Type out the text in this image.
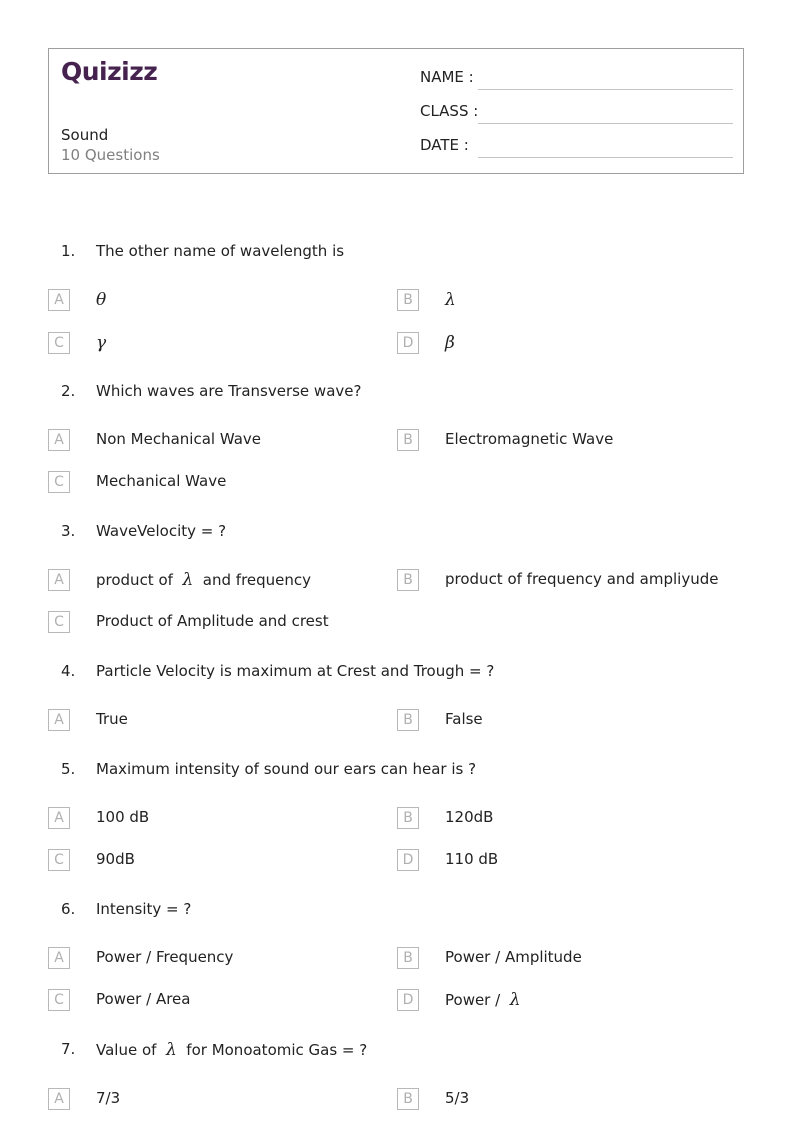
Quizizz
Sound
10 Questions
NAME :
CLASS :
DATE :
1. The other name of wavelength is
A	θ	B	λ
C	γ	D	β
2. Which waves are Transverse wave?
A	Non Mechanical Wave	B	Electromagnetic Wave
C	Mechanical Wave
3. WaveVelocity = ?
A	product of λ and frequency	B	product of frequency and ampliyude
C	Product of Amplitude and crest
4. Particle Velocity is maximum at Crest and Trough = ?
A	True	B	False
5. Maximum intensity of sound our ears can hear is ?
A	100 dB	B	120dB
C	90dB	D	110 dB
6. Intensity = ?
A	Power / Frequency	B	Power / Amplitude
C	Power / Area	D	Power / λ
7. Value of λ for Monoatomic Gas = ?
A	7/3	B	5/3
